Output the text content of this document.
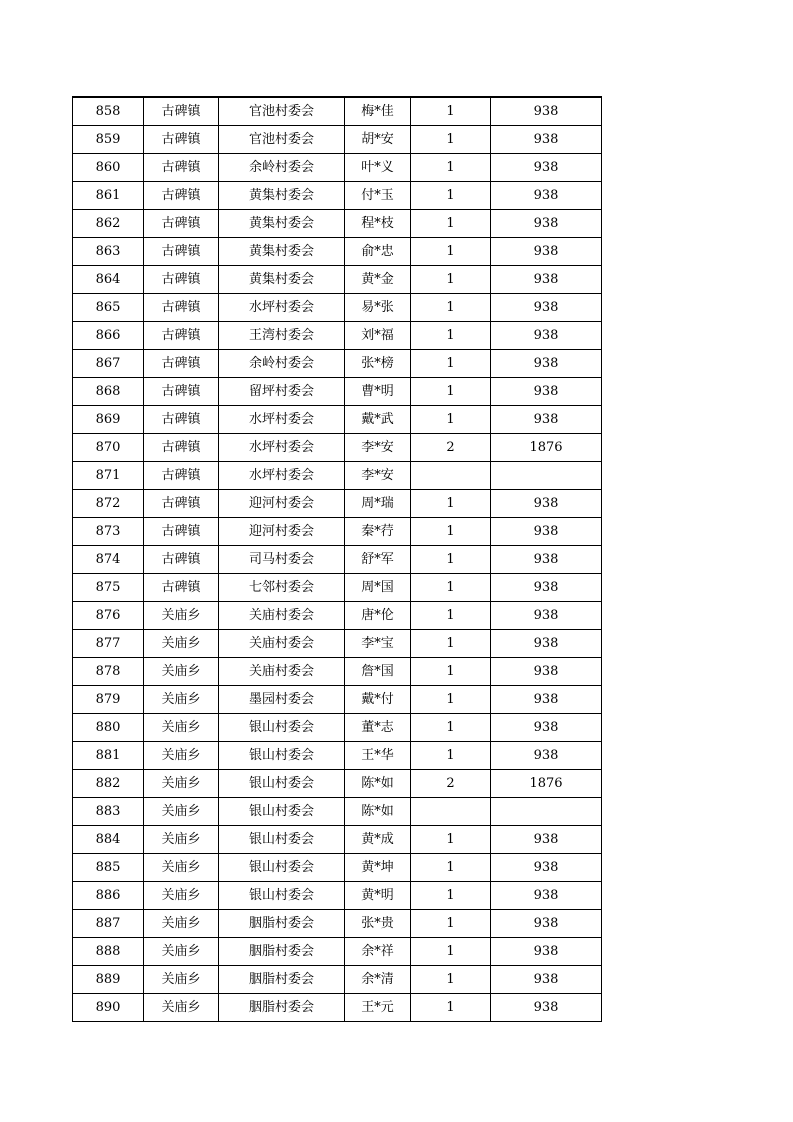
858	古碑镇	官池村委会	梅*佳	1	938
859	古碑镇	官池村委会	胡*安	1	938
860	古碑镇	余岭村委会	叶*义	1	938
861	古碑镇	黄集村委会	付*玉	1	938
862	古碑镇	黄集村委会	程*枝	1	938
863	古碑镇	黄集村委会	俞*忠	1	938
864	古碑镇	黄集村委会	黄*金	1	938
865	古碑镇	水坪村委会	易*张	1	938
866	古碑镇	王湾村委会	刘*福	1	938
867	古碑镇	余岭村委会	张*榜	1	938
868	古碑镇	留坪村委会	曹*明	1	938
869	古碑镇	水坪村委会	戴*武	1	938
870	古碑镇	水坪村委会	李*安	2	1876
871	古碑镇	水坪村委会	李*安		
872	古碑镇	迎河村委会	周*瑞	1	938
873	古碑镇	迎河村委会	秦*荇	1	938
874	古碑镇	司马村委会	舒*军	1	938
875	古碑镇	七邻村委会	周*国	1	938
876	关庙乡	关庙村委会	唐*伦	1	938
877	关庙乡	关庙村委会	李*宝	1	938
878	关庙乡	关庙村委会	詹*国	1	938
879	关庙乡	墨园村委会	戴*付	1	938
880	关庙乡	银山村委会	董*志	1	938
881	关庙乡	银山村委会	王*华	1	938
882	关庙乡	银山村委会	陈*如	2	1876
883	关庙乡	银山村委会	陈*如		
884	关庙乡	银山村委会	黄*成	1	938
885	关庙乡	银山村委会	黄*坤	1	938
886	关庙乡	银山村委会	黄*明	1	938
887	关庙乡	胭脂村委会	张*贵	1	938
888	关庙乡	胭脂村委会	余*祥	1	938
889	关庙乡	胭脂村委会	余*清	1	938
890	关庙乡	胭脂村委会	王*元	1	938
